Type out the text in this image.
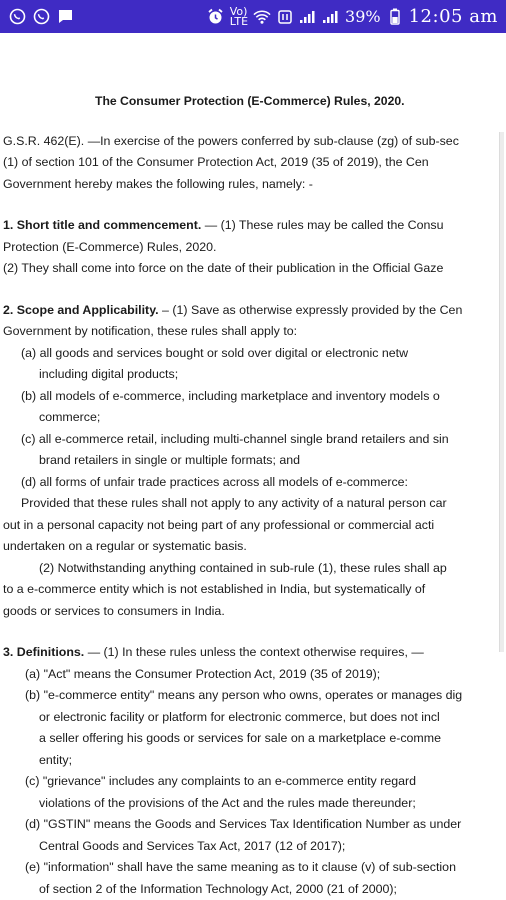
Vo)
LTE	39% 12:05 am
The Consumer Protection (E-Commerce) Rules, 2020.

G.S.R. 462(E). —In exercise of the powers conferred by sub-clause (zg) of sub-sec

(1) of section 101 of the Consumer Protection Act, 2019 (35 of 2019), the Cen

Government hereby makes the following rules, namely: -

1. Short title and commencement. — (1) These rules may be called the Consu

Protection (E-Commerce) Rules, 2020.

(2) They shall come into force on the date of their publication in the Official Gaze

2. Scope and Applicability. – (1) Save as otherwise expressly provided by the Cen

Government by notification, these rules shall apply to:

(a) all goods and services bought or sold over digital or electronic netw

including digital products;

(b) all models of e-commerce, including marketplace and inventory models o

commerce;

(c) all e-commerce retail, including multi-channel single brand retailers and sin

brand retailers in single or multiple formats; and

(d) all forms of unfair trade practices across all models of e-commerce:

Provided that these rules shall not apply to any activity of a natural person car

out in a personal capacity not being part of any professional or commercial acti

undertaken on a regular or systematic basis.

(2) Notwithstanding anything contained in sub-rule (1), these rules shall ap

to a e-commerce entity which is not established in India, but systematically of

goods or services to consumers in India.

3. Definitions. — (1) In these rules unless the context otherwise requires, —

(a) "Act" means the Consumer Protection Act, 2019 (35 of 2019);

(b) "e-commerce entity" means any person who owns, operates or manages dig

or electronic facility or platform for electronic commerce, but does not incl

a seller offering his goods or services for sale on a marketplace e-comme

entity;

(c) "grievance" includes any complaints to an e-commerce entity regard

violations of the provisions of the Act and the rules made thereunder;

(d) "GSTIN" means the Goods and Services Tax Identification Number as under

Central Goods and Services Tax Act, 2017 (12 of 2017);

(e) "information" shall have the same meaning as to it clause (v) of sub-section

of section 2 of the Information Technology Act, 2000 (21 of 2000);
